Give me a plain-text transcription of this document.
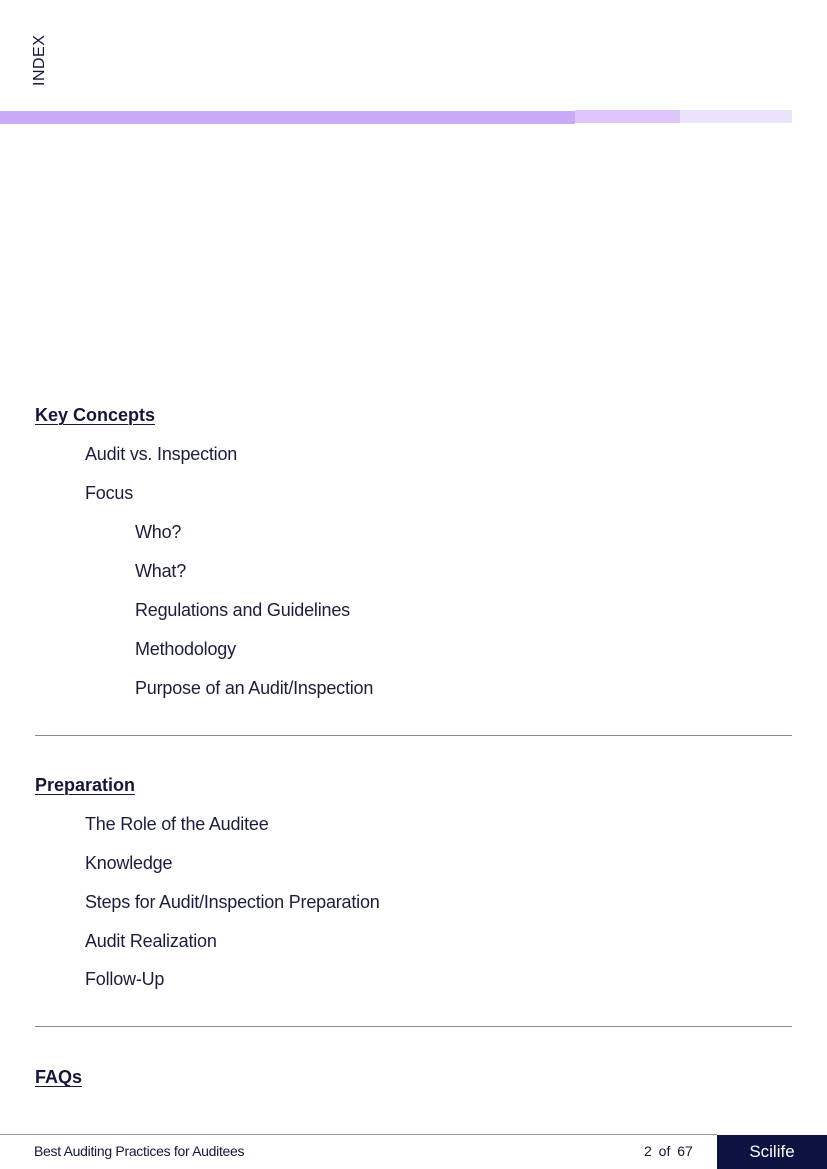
INDEX
Key Concepts
Audit vs. Inspection
Focus
Who?
What?
Regulations and Guidelines
Methodology
Purpose of an Audit/Inspection
Preparation
The Role of the Auditee
Knowledge
Steps for Audit/Inspection Preparation
Audit Realization
Follow-Up
FAQs
Best Auditing Practices for Auditees	2 of 67	Scilife
